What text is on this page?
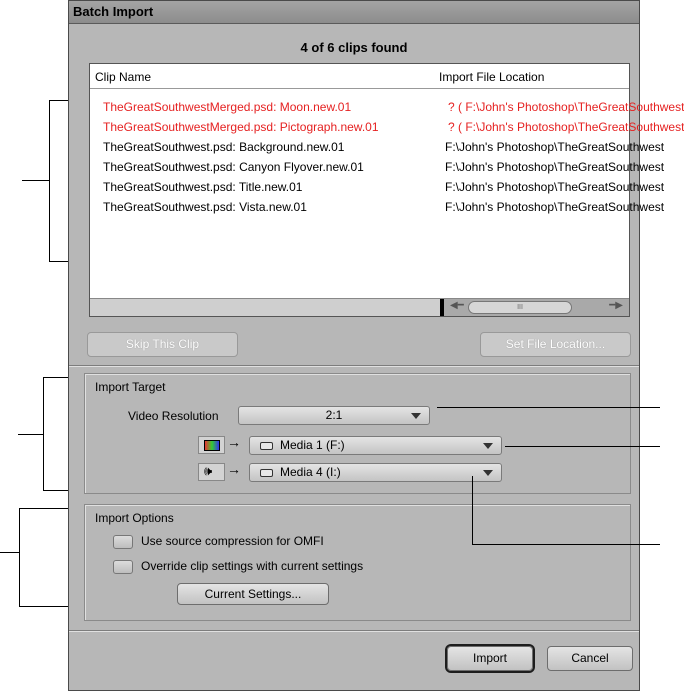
Batch Import
4 of 6 clips found
Clip Name	Import File Location
TheGreatSouthwestMerged.psd: Moon.new.01	? ( F:\John's Photoshop\TheGreatSouthwest
TheGreatSouthwestMerged.psd: Pictograph.new.01	? ( F:\John's Photoshop\TheGreatSouthwest
TheGreatSouthwest.psd: Background.new.01	F:\John's Photoshop\TheGreatSouthwest
TheGreatSouthwest.psd: Canyon Flyover.new.01	F:\John's Photoshop\TheGreatSouthwest
TheGreatSouthwest.psd: Title.new.01	F:\John's Photoshop\TheGreatSouthwest
TheGreatSouthwest.psd: Vista.new.01	F:\John's Photoshop\TheGreatSouthwest
◀━	━▶
III
Skip This Clip	Set File Location...
Import Target
Video Resolution	2:1
→	Media 1 (F:)
🕪 →	Media 4 (I:)
Import Options
Use source compression for OMFI
Override clip settings with current settings
Current Settings...
Import	Cancel
